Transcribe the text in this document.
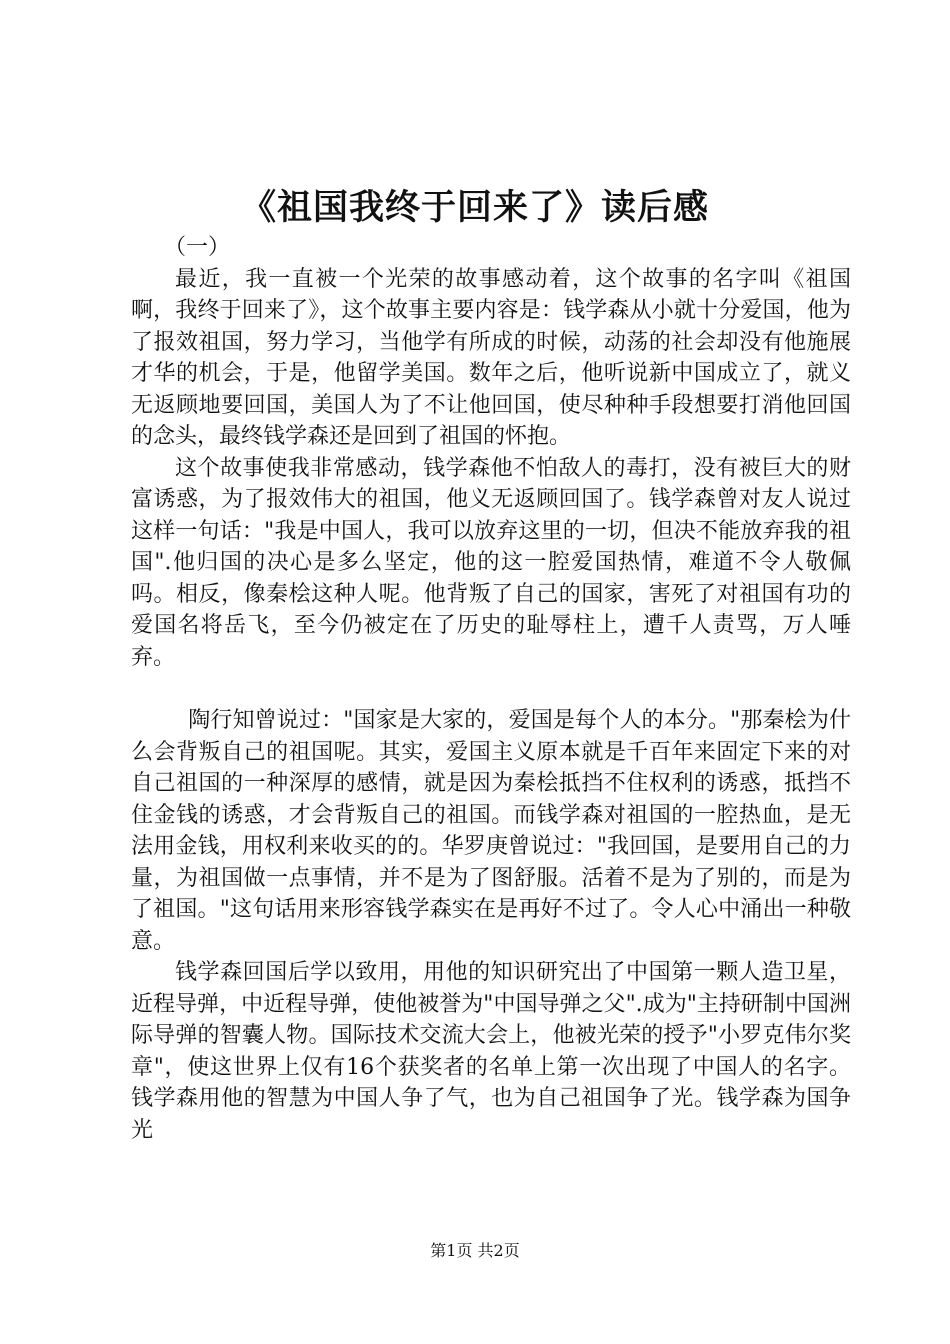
《祖国我终于回来了》读后感

（一）

最近，我一直被一个光荣的故事感动着，这个故事的名字叫《祖国啊，我终于回来了》，这个故事主要内容是：钱学森从小就十分爱国，他为了报效祖国，努力学习，当他学有所成的时候，动荡的社会却没有他施展才华的机会，于是，他留学美国。数年之后，他听说新中国成立了，就义无返顾地要回国，美国人为了不让他回国，使尽种种手段想要打消他回国的念头，最终钱学森还是回到了祖国的怀抱。

这个故事使我非常感动，钱学森他不怕敌人的毒打，没有被巨大的财富诱惑，为了报效伟大的祖国，他义无返顾回国了。钱学森曾对友人说过这样一句话："我是中国人，我可以放弃这里的一切，但决不能放弃我的祖国".他归国的决心是多么坚定，他的这一腔爱国热情，难道不令人敬佩吗。相反，像秦桧这种人呢。他背叛了自己的国家，害死了对祖国有功的爱国名将岳飞，至今仍被定在了历史的耻辱柱上，遭千人责骂，万人唾弃。

陶行知曾说过："国家是大家的，爱国是每个人的本分。"那秦桧为什么会背叛自己的祖国呢。其实，爱国主义原本就是千百年来固定下来的对自己祖国的一种深厚的感情，就是因为秦桧抵挡不住权利的诱惑，抵挡不住金钱的诱惑，才会背叛自己的祖国。而钱学森对祖国的一腔热血，是无法用金钱，用权利来收买的的。华罗庚曾说过："我回国，是要用自己的力量，为祖国做一点事情，并不是为了图舒服。活着不是为了别的，而是为了祖国。"这句话用来形容钱学森实在是再好不过了。令人心中涌出一种敬意。

钱学森回国后学以致用，用他的知识研究出了中国第一颗人造卫星，近程导弹，中近程导弹，使他被誉为"中国导弹之父".成为"主持研制中国洲际导弹的智囊人物。国际技术交流大会上，他被光荣的授予"小罗克伟尔奖章"，使这世界上仅有16个获奖者的名单上第一次出现了中国人的名字。钱学森用他的智慧为中国人争了气，也为自己祖国争了光。钱学森为国争光

第1页 共2页
